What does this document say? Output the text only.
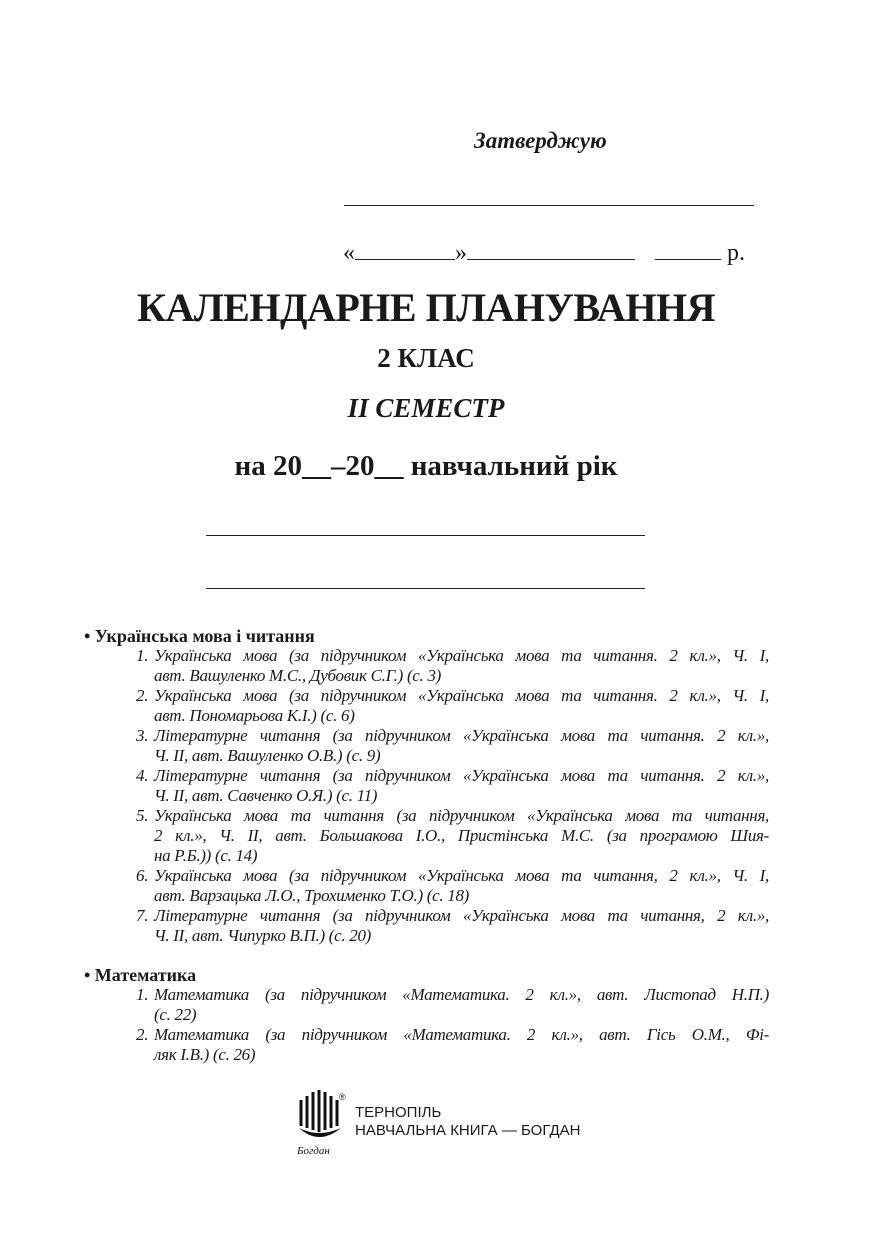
Затверджую
«	»	р.
КАЛЕНДАРНЕ ПЛАНУВАННЯ
2 КЛАС
II СЕМЕСТР
на 20__–20__ навчальний рік
• Українська мова і читання
1. Українська мова (за підручником «Українська мова та читання. 2 кл.», Ч. I,
авт. Вашуленко М.С., Дубовик С.Г.) (с. 3)
2. Українська мова (за підручником «Українська мова та читання. 2 кл.», Ч. I,
авт. Пономарьова К.І.) (с. 6)
3. Літературне читання (за підручником «Українська мова та читання. 2 кл.»,
Ч. II, авт. Вашуленко О.В.) (с. 9)
4. Літературне читання (за підручником «Українська мова та читання. 2 кл.»,
Ч. II, авт. Савченко О.Я.) (с. 11)
5. Українська мова та читання (за підручником «Українська мова та читання,
2 кл.», Ч. II, авт. Большакова І.О., Пристінська М.С. (за програмою Шия-
на Р.Б.)) (с. 14)
6. Українська мова (за підручником «Українська мова та читання, 2 кл.», Ч. I,
авт. Варзацька Л.О., Трохименко Т.О.) (с. 18)
7. Літературне читання (за підручником «Українська мова та читання, 2 кл.»,
Ч. II, авт. Чипурко В.П.) (с. 20)
• Математика
1. Математика (за підручником «Математика. 2 кл.», авт. Листопад Н.П.)
(с. 22)
2. Математика (за підручником «Математика. 2 кл.», авт. Гісь О.М., Фі-
ляк І.В.) (с. 26)
Богдан
®
ТЕРНОПІЛЬ
НАВЧАЛЬНА КНИГА — БОГДАН
